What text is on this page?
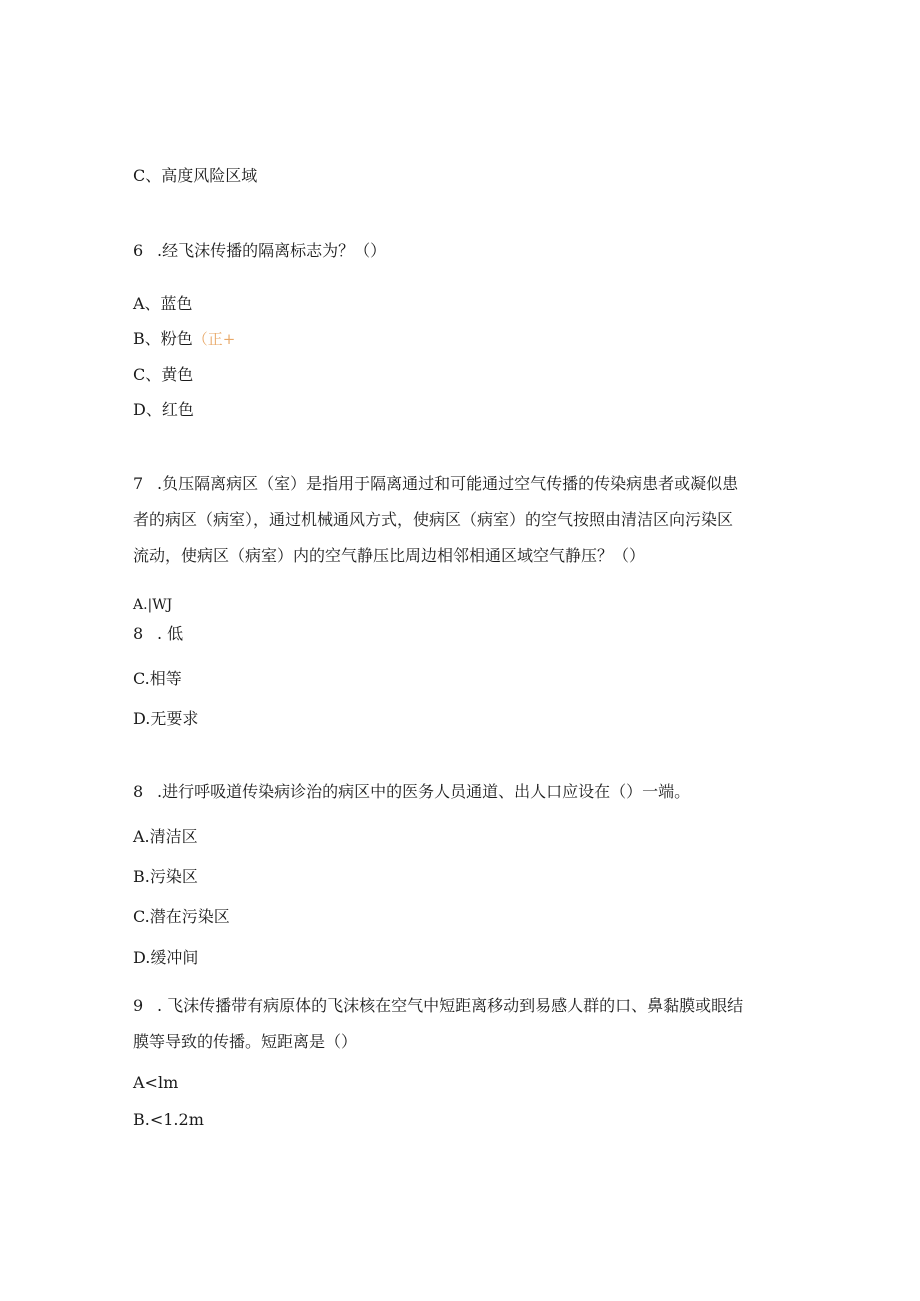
C、高度风险区域
6 .经飞沫传播的隔离标志为？（）
A、蓝色
B、粉色（正+
C、黄色
D、红色
7 .负压隔离病区（室）是指用于隔离通过和可能通过空气传播的传染病患者或凝似患
者的病区（病室），通过机械通风方式，使病区（病室）的空气按照由清洁区向污染区
流动，使病区（病室）内的空气静压比周边相邻相通区域空气静压？（）
A.|WJ
8 . 低
C.相等
D.无要求
8 .进行呼吸道传染病诊治的病区中的医务人员通道、出人口应设在（）一端。
A.清洁区
B.污染区
C.潜在污染区
D.缓冲间
9 . 飞沫传播带有病原体的飞沫核在空气中短距离移动到易感人群的口、鼻黏膜或眼结
膜等导致的传播。短距离是（）
A<lm
B.<1.2m
